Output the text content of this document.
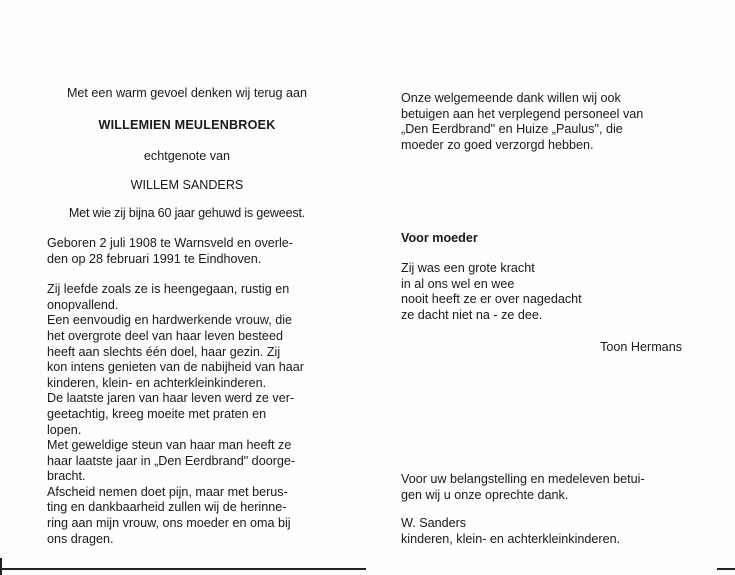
Met een warm gevoel denken wij terug aan

WILLEMIEN MEULENBROEK

echtgenote van

WILLEM SANDERS

Met wie zij bijna 60 jaar gehuwd is geweest.

Geboren 2 juli 1908 te Warnsveld en overle-
den op 28 februari 1991 te Eindhoven.
Zij leefde zoals ze is heengegaan, rustig en
onopvallend.
Een eenvoudig en hardwerkende vrouw, die
het overgrote deel van haar leven besteed
heeft aan slechts één doel, haar gezin. Zij
kon intens genieten van de nabijheid van haar
kinderen, klein- en achterkleinkinderen.
De laatste jaren van haar leven werd ze ver-
geetachtig, kreeg moeite met praten en
lopen.
Met geweldige steun van haar man heeft ze
haar laatste jaar in „Den Eerdbrand" doorge-
bracht.
Afscheid nemen doet pijn, maar met berus-
ting en dankbaarheid zullen wij de herinne-
ring aan mijn vrouw, ons moeder en oma bij
ons dragen.
Onze welgemeende dank willen wij ook
betuigen aan het verplegend personeel van
„Den Eerdbrand" en Huize „Paulus", die
moeder zo goed verzorgd hebben.

Voor moeder

Zij was een grote kracht
in al ons wel en wee
nooit heeft ze er over nagedacht
ze dacht niet na - ze dee.

Toon Hermans

Voor uw belangstelling en medeleven betui-
gen wij u onze oprechte dank.
W. Sanders
kinderen, klein- en achterkleinkinderen.
